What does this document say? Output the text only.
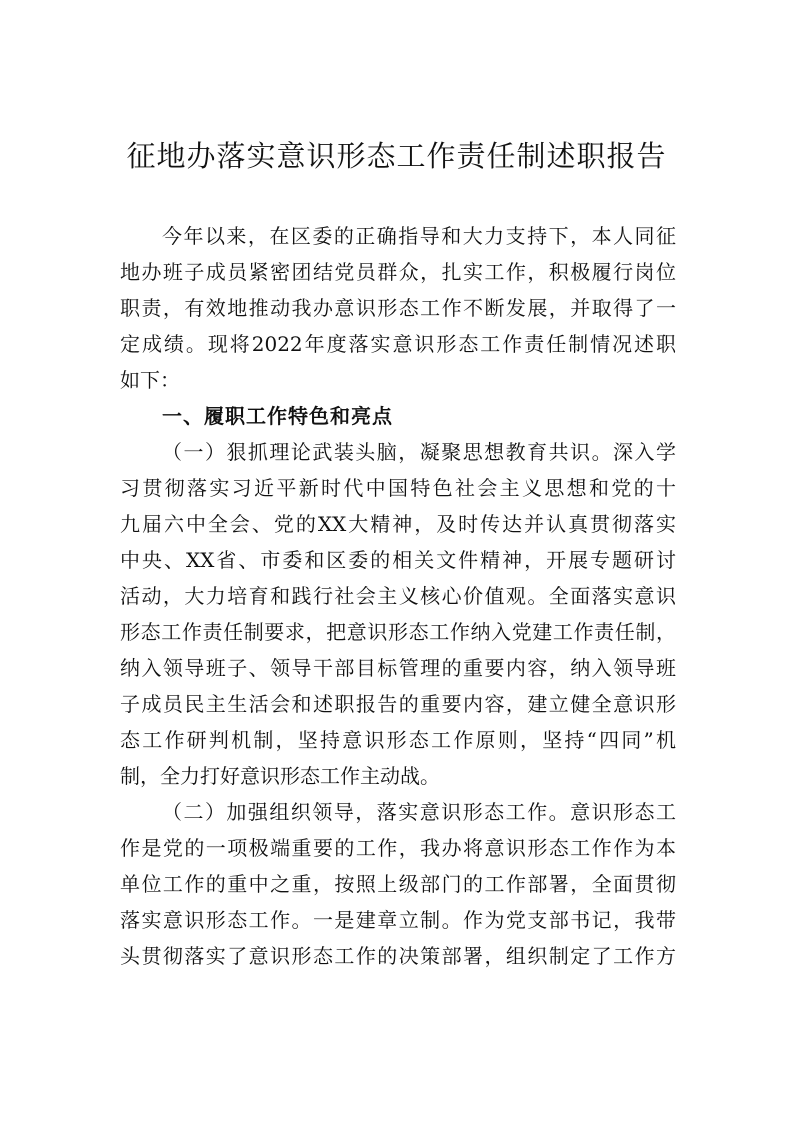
征地办落实意识形态工作责任制述职报告
今年以来，在区委的正确指导和大力支持下，本人同征
地办班子成员紧密团结党员群众，扎实工作，积极履行岗位
职责，有效地推动我办意识形态工作不断发展，并取得了一
定成绩。现将2022年度落实意识形态工作责任制情况述职
如下：
一、履职工作特色和亮点
（一）狠抓理论武装头脑，凝聚思想教育共识。深入学
习贯彻落实习近平新时代中国特色社会主义思想和党的十
九届六中全会、党的XX大精神，及时传达并认真贯彻落实
中央、XX省、市委和区委的相关文件精神，开展专题研讨
活动，大力培育和践行社会主义核心价值观。全面落实意识
形态工作责任制要求，把意识形态工作纳入党建工作责任制，
纳入领导班子、领导干部目标管理的重要内容，纳入领导班
子成员民主生活会和述职报告的重要内容，建立健全意识形
态工作研判机制，坚持意识形态工作原则，坚持“四同”机
制，全力打好意识形态工作主动战。
（二）加强组织领导，落实意识形态工作。意识形态工
作是党的一项极端重要的工作，我办将意识形态工作作为本
单位工作的重中之重，按照上级部门的工作部署，全面贯彻
落实意识形态工作。一是建章立制。作为党支部书记，我带
头贯彻落实了意识形态工作的决策部署，组织制定了工作方
